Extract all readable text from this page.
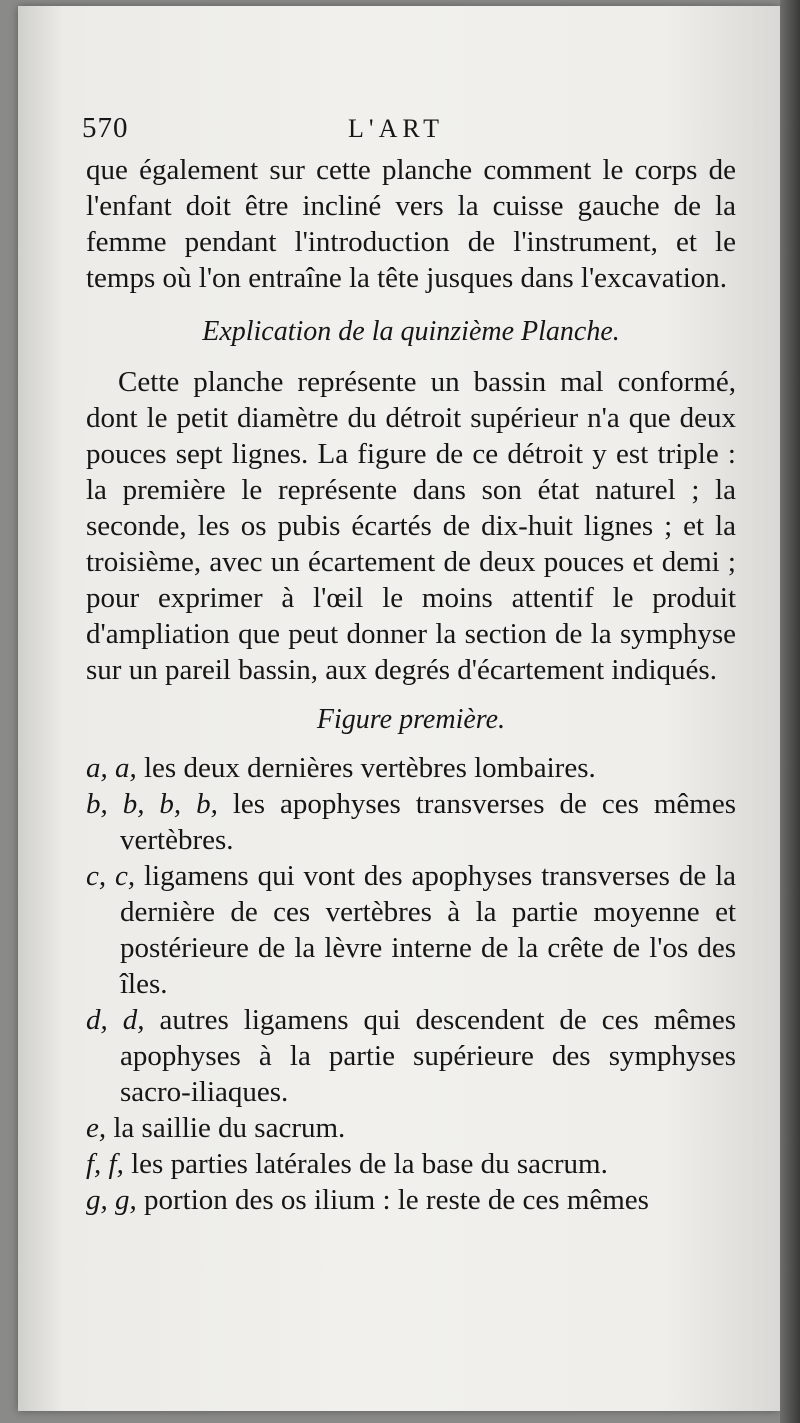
570	L'ART

que également sur cette planche comment le corps de l'enfant doit être incliné vers la cuisse gauche de la femme pendant l'introduction de l'instrument, et le temps où l'on entraîne la tête jusques dans l'excavation.

Explication de la quinzième Planche.

Cette planche représente un bassin mal conformé, dont le petit diamètre du détroit supérieur n'a que deux pouces sept lignes. La figure de ce détroit y est triple : la première le représente dans son état naturel ; la seconde, les os pubis écartés de dix-huit lignes ; et la troisième, avec un écartement de deux pouces et demi ; pour exprimer à l'œil le moins attentif le produit d'ampliation que peut donner la section de la symphyse sur un pareil bassin, aux degrés d'écartement indiqués.

Figure première.

a, a, les deux dernières vertèbres lombaires.

b, b, b, b, les apophyses transverses de ces mêmes vertèbres.

c, c, ligamens qui vont des apophyses transverses de la dernière de ces vertèbres à la partie moyenne et postérieure de la lèvre interne de la crête de l'os des îles.

d, d, autres ligamens qui descendent de ces mêmes apophyses à la partie supérieure des symphyses sacro-iliaques.

e, la saillie du sacrum.

f, f, les parties latérales de la base du sacrum.

g, g, portion des os ilium : le reste de ces mêmes
